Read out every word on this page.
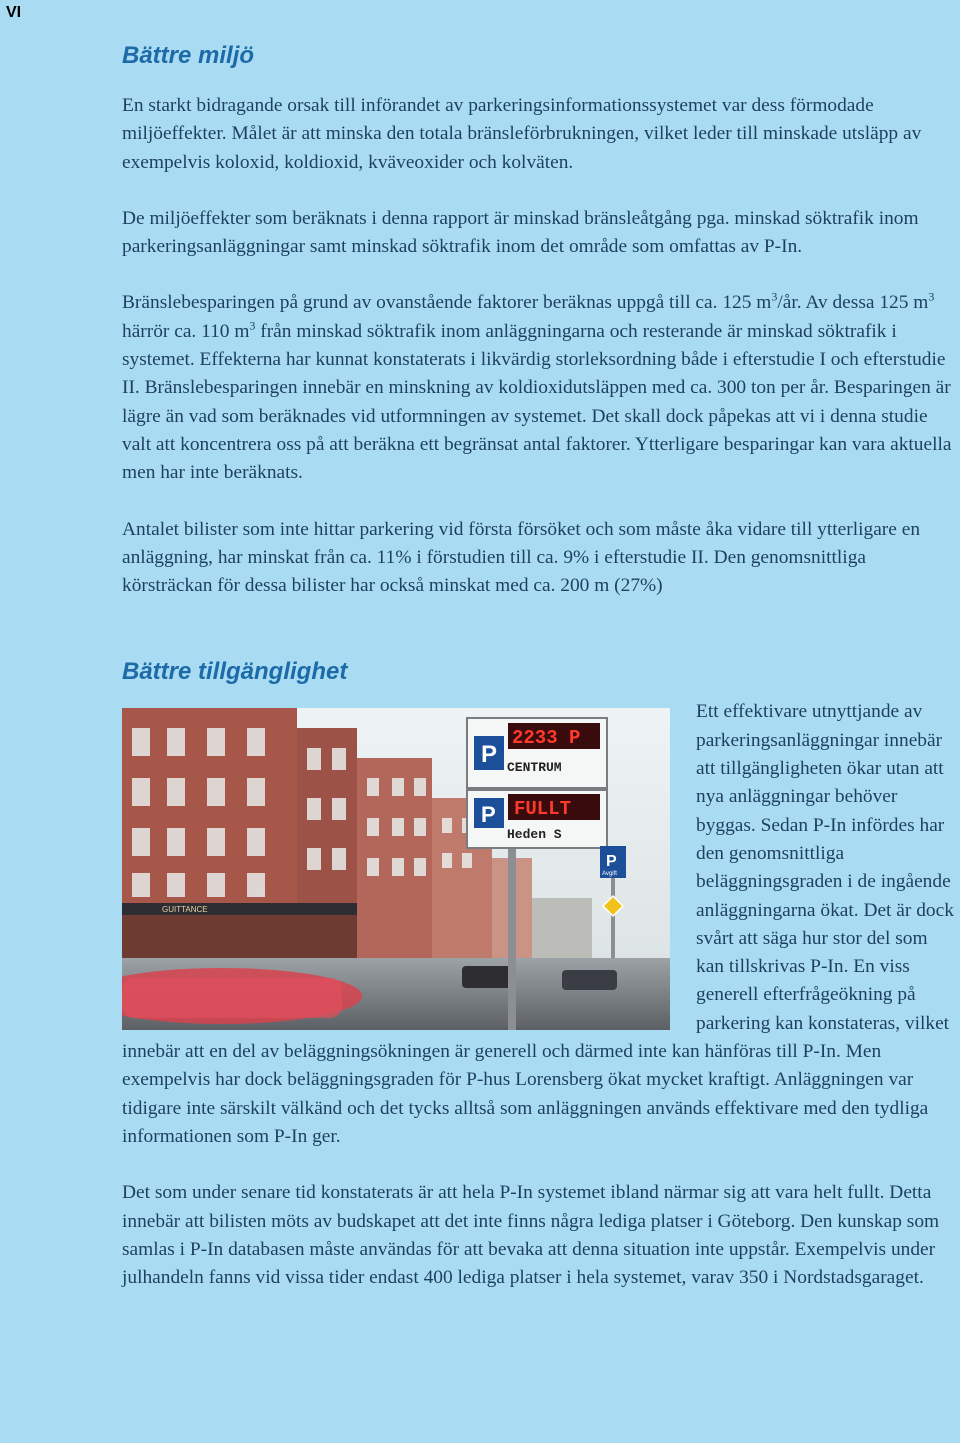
VI
Bättre miljö

En starkt bidragande orsak till införandet av parkeringsinformationssystemet var dess förmodade miljöeffekter. Målet är att minska den totala bränsleförbrukningen, vilket leder till minskade utsläpp av exempelvis koloxid, koldioxid, kväveoxider och kolväten.

De miljöeffekter som beräknats i denna rapport är minskad bränsleåtgång pga. minskad söktrafik inom parkeringsanläggningar samt minskad söktrafik inom det område som omfattas av P-In.

Bränslebesparingen på grund av ovanstående faktorer beräknas uppgå till ca. 125 $m^3/år$. Av dessa 125 $m^3$ härrör ca. 110 $m^3$ från minskad söktrafik inom anläggningarna och resterande är minskad söktrafik i systemet. Effekterna har kunnat konstaterats i likvärdig storleksordning både i efterstudie I och efterstudie II. Bränslebesparingen innebär en minskning av koldioxidutsläppen med ca. 300 ton per år. Besparingen är lägre än vad som beräknades vid utformningen av systemet. Det skall dock påpekas att vi i denna studie valt att koncentrera oss på att beräkna ett begränsat antal faktorer. Ytterligare besparingar kan vara aktuella men har inte beräknats.

Antalet bilister som inte hittar parkering vid första försöket och som måste åka vidare till ytterligare en anläggning, har minskat från ca. 11% i förstudien till ca. 9% i efterstudie II. Den genomsnittliga körsträckan för dessa bilister har också minskat med ca. 200 m (27%)

Bättre tillgänglighet
GUITTANCE
P
2233 P
CENTRUM
P FULLT
Heden S
P
Avgift

Ett effektivare utnyttjande av parkeringsanläggningar innebär att tillgängligheten ökar utan att nya anläggningar behöver byggas. Sedan P-In infördes har den genomsnittliga beläggningsgraden i de ingående anläggningarna ökat. Det är dock svårt att säga hur stor del som kan tillskrivas P-In. En viss generell efterfrågeökning på parkering kan konstateras, vilket innebär att en del av beläggningsökningen är generell och därmed inte kan hänföras till P-In. Men exempelvis har dock beläggningsgraden för P-hus Lorensberg ökat mycket kraftigt. Anläggningen var tidigare inte särskilt välkänd och det tycks alltså som anläggningen används effektivare med den tydliga informationen som P-In ger.

Det som under senare tid konstaterats är att hela P-In systemet ibland närmar sig att vara helt fullt. Detta innebär att bilisten möts av budskapet att det inte finns några lediga platser i Göteborg. Den kunskap som samlas i P-In databasen måste användas för att bevaka att denna situation inte uppstår. Exempelvis under julhandeln fanns vid vissa tider endast 400 lediga platser i hela systemet, varav 350 i Nordstadsgaraget.
